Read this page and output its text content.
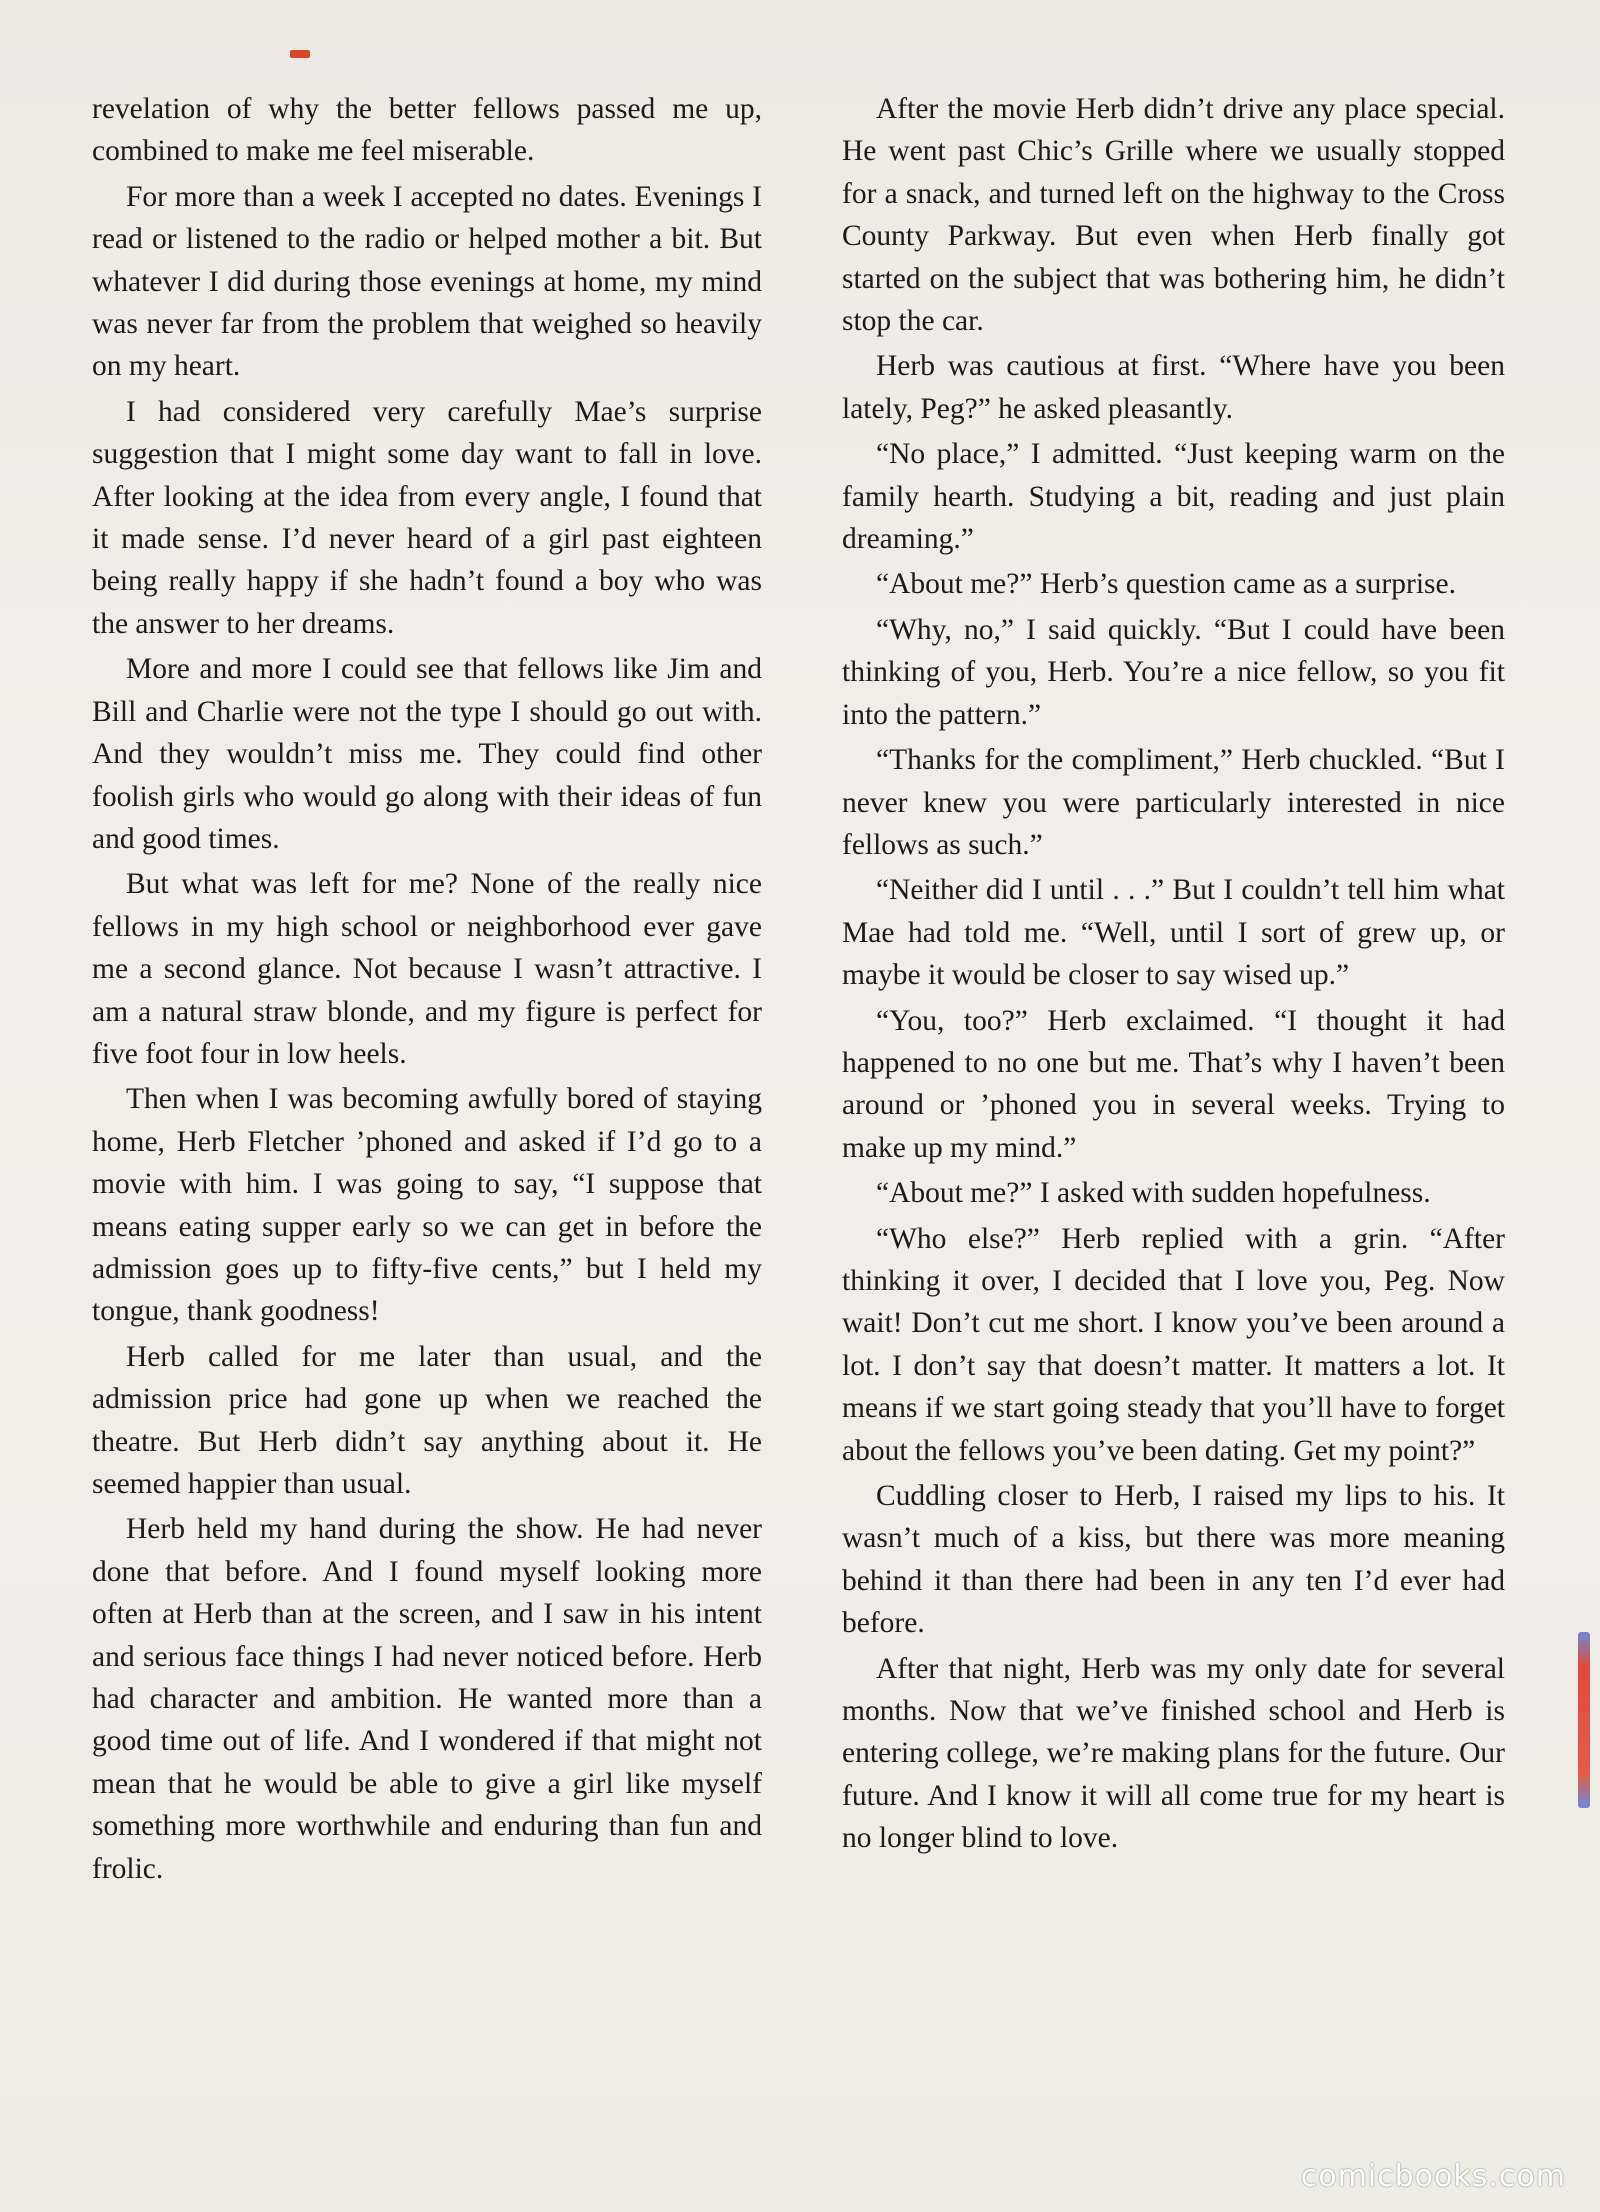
revelation of why the better fellows passed me up, combined to make me feel miserable.

For more than a week I accepted no dates. Evenings I read or listened to the radio or helped mother a bit. But whatever I did during those evenings at home, my mind was never far from the problem that weighed so heavily on my heart.

I had considered very carefully Mae’s surprise suggestion that I might some day want to fall in love. After looking at the idea from every angle, I found that it made sense. I’d never heard of a girl past eighteen being really happy if she hadn’t found a boy who was the answer to her dreams.

More and more I could see that fellows like Jim and Bill and Charlie were not the type I should go out with. And they wouldn’t miss me. They could find other foolish girls who would go along with their ideas of fun and good times.

But what was left for me? None of the really nice fellows in my high school or neighborhood ever gave me a second glance. Not because I wasn’t attractive. I am a natural straw blonde, and my figure is perfect for five foot four in low heels.

Then when I was becoming awfully bored of staying home, Herb Fletcher ’phoned and asked if I’d go to a movie with him. I was going to say, “I suppose that means eating supper early so we can get in before the admission goes up to fifty-five cents,” but I held my tongue, thank goodness!

Herb called for me later than usual, and the admission price had gone up when we reached the theatre. But Herb didn’t say anything about it. He seemed happier than usual.

Herb held my hand during the show. He had never done that before. And I found myself looking more often at Herb than at the screen, and I saw in his intent and serious face things I had never noticed before. Herb had character and ambition. He wanted more than a good time out of life. And I wondered if that might not mean that he would be able to give a girl like myself something more worthwhile and enduring than fun and frolic.

After the movie Herb didn’t drive any place special. He went past Chic’s Grille where we usually stopped for a snack, and turned left on the highway to the Cross County Parkway. But even when Herb finally got started on the subject that was bothering him, he didn’t stop the car.

Herb was cautious at first. “Where have you been lately, Peg?” he asked pleasantly.

“No place,” I admitted. “Just keeping warm on the family hearth. Studying a bit, reading and just plain dreaming.”

“About me?” Herb’s question came as a surprise.

“Why, no,” I said quickly. “But I could have been thinking of you, Herb. You’re a nice fellow, so you fit into the pattern.”

“Thanks for the compliment,” Herb chuckled. “But I never knew you were particularly interested in nice fellows as such.”

“Neither did I until . . .” But I couldn’t tell him what Mae had told me. “Well, until I sort of grew up, or maybe it would be closer to say wised up.”

“You, too?” Herb exclaimed. “I thought it had happened to no one but me. That’s why I haven’t been around or ’phoned you in several weeks. Trying to make up my mind.”

“About me?” I asked with sudden hopefulness.

“Who else?” Herb replied with a grin. “After thinking it over, I decided that I love you, Peg. Now wait! Don’t cut me short. I know you’ve been around a lot. I don’t say that doesn’t matter. It matters a lot. It means if we start going steady that you’ll have to forget about the fellows you’ve been dating. Get my point?”

Cuddling closer to Herb, I raised my lips to his. It wasn’t much of a kiss, but there was more meaning behind it than there had been in any ten I’d ever had before.

After that night, Herb was my only date for several months. Now that we’ve finished school and Herb is entering college, we’re making plans for the future. Our future. And I know it will all come true for my heart is no longer blind to love.

comicbooks.com
